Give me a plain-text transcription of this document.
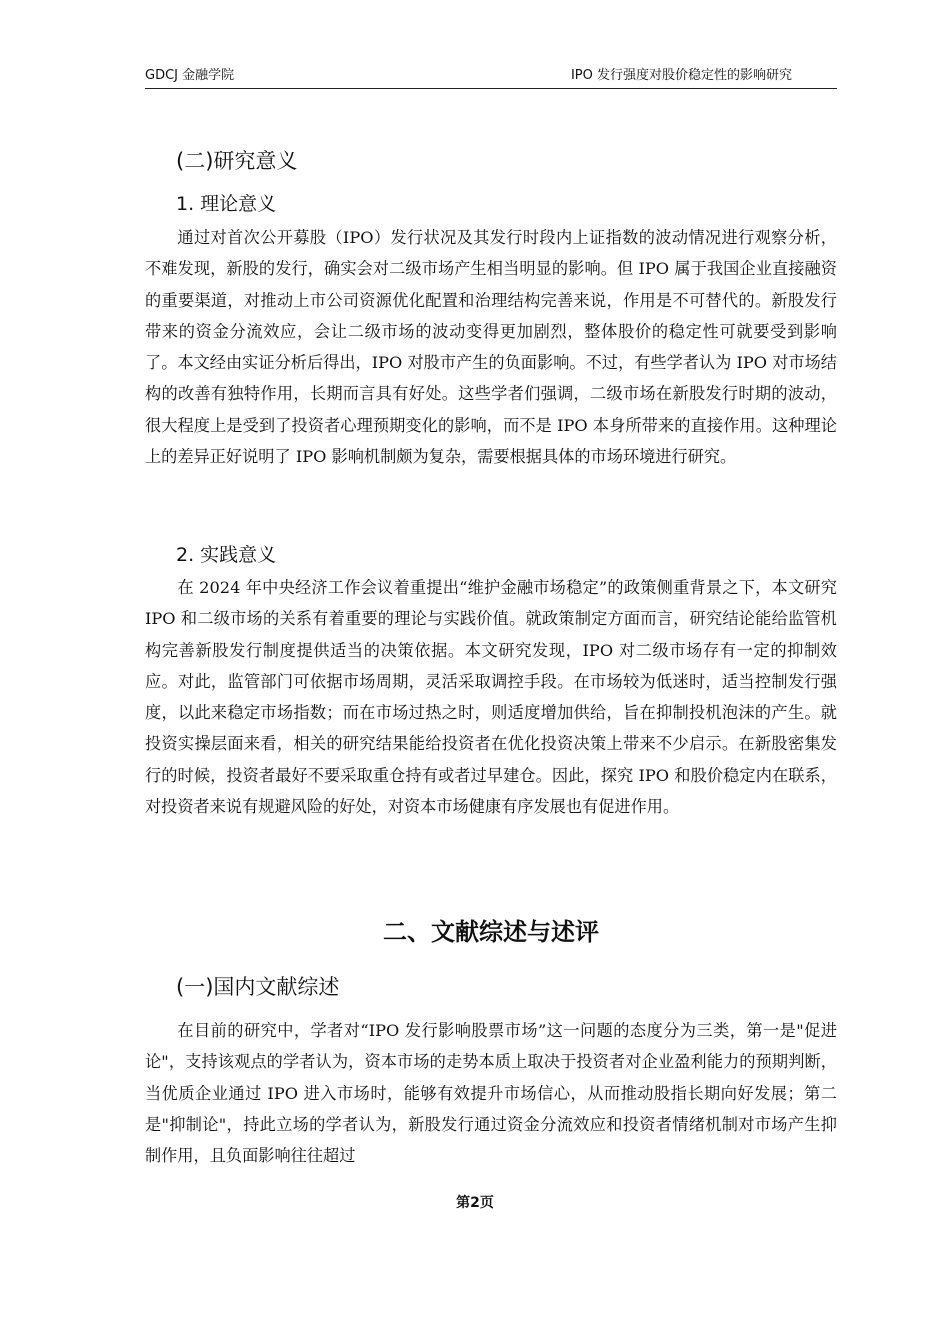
GDCJ 金融学院	IPO 发行强度对股价稳定性的影响研究
(二)研究意义
1. 理论意义

通过对首次公开募股（IPO）发行状况及其发行时段内上证指数的波动情况进行观察分析，不难发现，新股的发行，确实会对二级市场产生相当明显的影响。但 IPO 属于我国企业直接融资的重要渠道，对推动上市公司资源优化配置和治理结构完善来说，作用是不可替代的。新股发行带来的资金分流效应，会让二级市场的波动变得更加剧烈，整体股价的稳定性可就要受到影响了。本文经由实证分析后得出，IPO 对股市产生的负面影响。不过，有些学者认为 IPO 对市场结构的改善有独特作用，长期而言具有好处。这些学者们强调，二级市场在新股发行时期的波动，很大程度上是受到了投资者心理预期变化的影响，而不是 IPO 本身所带来的直接作用。这种理论上的差异正好说明了 IPO 影响机制颇为复杂，需要根据具体的市场环境进行研究。

2. 实践意义

在 2024 年中央经济工作会议着重提出“维护金融市场稳定”的政策侧重背景之下，本文研究 IPO 和二级市场的关系有着重要的理论与实践价值。就政策制定方面而言，研究结论能给监管机构完善新股发行制度提供适当的决策依据。本文研究发现，IPO 对二级市场存有一定的抑制效应。对此，监管部门可依据市场周期，灵活采取调控手段。在市场较为低迷时，适当控制发行强度，以此来稳定市场指数；而在市场过热之时，则适度增加供给，旨在抑制投机泡沫的产生。就投资实操层面来看，相关的研究结果能给投资者在优化投资决策上带来不少启示。在新股密集发行的时候，投资者最好不要采取重仓持有或者过早建仓。因此，探究 IPO 和股价稳定内在联系，对投资者来说有规避风险的好处，对资本市场健康有序发展也有促进作用。

二、文献综述与述评
(一)国内文献综述

在目前的研究中，学者对“IPO 发行影响股票市场”这一问题的态度分为三类，第一是"促进论"，支持该观点的学者认为，资本市场的走势本质上取决于投资者对企业盈利能力的预期判断，当优质企业通过 IPO 进入市场时，能够有效提升市场信心，从而推动股指长期向好发展；第二是"抑制论"，持此立场的学者认为，新股发行通过资金分流效应和投资者情绪机制对市场产生抑制作用，且负面影响往往超过

第2页
